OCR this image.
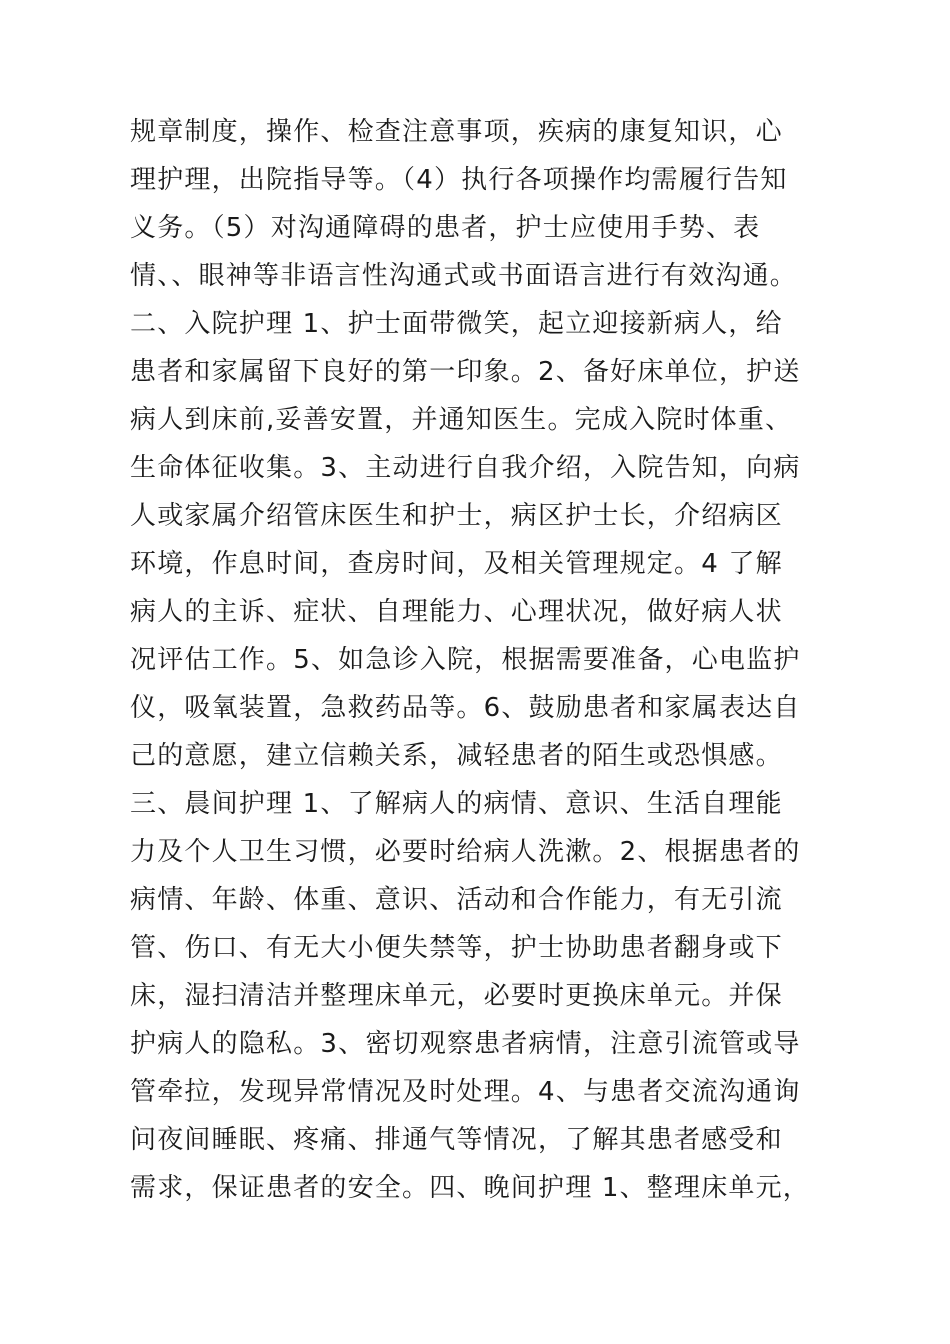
规章制度，操作、检查注意事项，疾病的康复知识，心
理护理，出院指导等。（4）执行各项操作均需履行告知
义务。（5）对沟通障碍的患者，护士应使用手势、表
情、、眼神等非语言性沟通式或书面语言进行有效沟通。
二、入院护理 1、护士面带微笑，起立迎接新病人，给
患者和家属留下良好的第一印象。2、备好床单位，护送
病人到床前,妥善安置，并通知医生。完成入院时体重、
生命体征收集。3、主动进行自我介绍，入院告知，向病
人或家属介绍管床医生和护士，病区护士长，介绍病区
环境，作息时间，查房时间，及相关管理规定。4 了解
病人的主诉、症状、自理能力、心理状况，做好病人状
况评估工作。5、如急诊入院，根据需要准备，心电监护
仪，吸氧装置，急救药品等。6、鼓励患者和家属表达自
己的意愿，建立信赖关系，减轻患者的陌生或恐惧感。
三、晨间护理 1、了解病人的病情、意识、生活自理能
力及个人卫生习惯，必要时给病人洗漱。2、根据患者的
病情、年龄、体重、意识、活动和合作能力，有无引流
管、伤口、有无大小便失禁等，护士协助患者翻身或下
床，湿扫清洁并整理床单元，必要时更换床单元。并保
护病人的隐私。3、密切观察患者病情，注意引流管或导
管牵拉，发现异常情况及时处理。4、与患者交流沟通询
问夜间睡眠、疼痛、排通气等情况，了解其患者感受和
需求，保证患者的安全。四、晚间护理 1、整理床单元，
